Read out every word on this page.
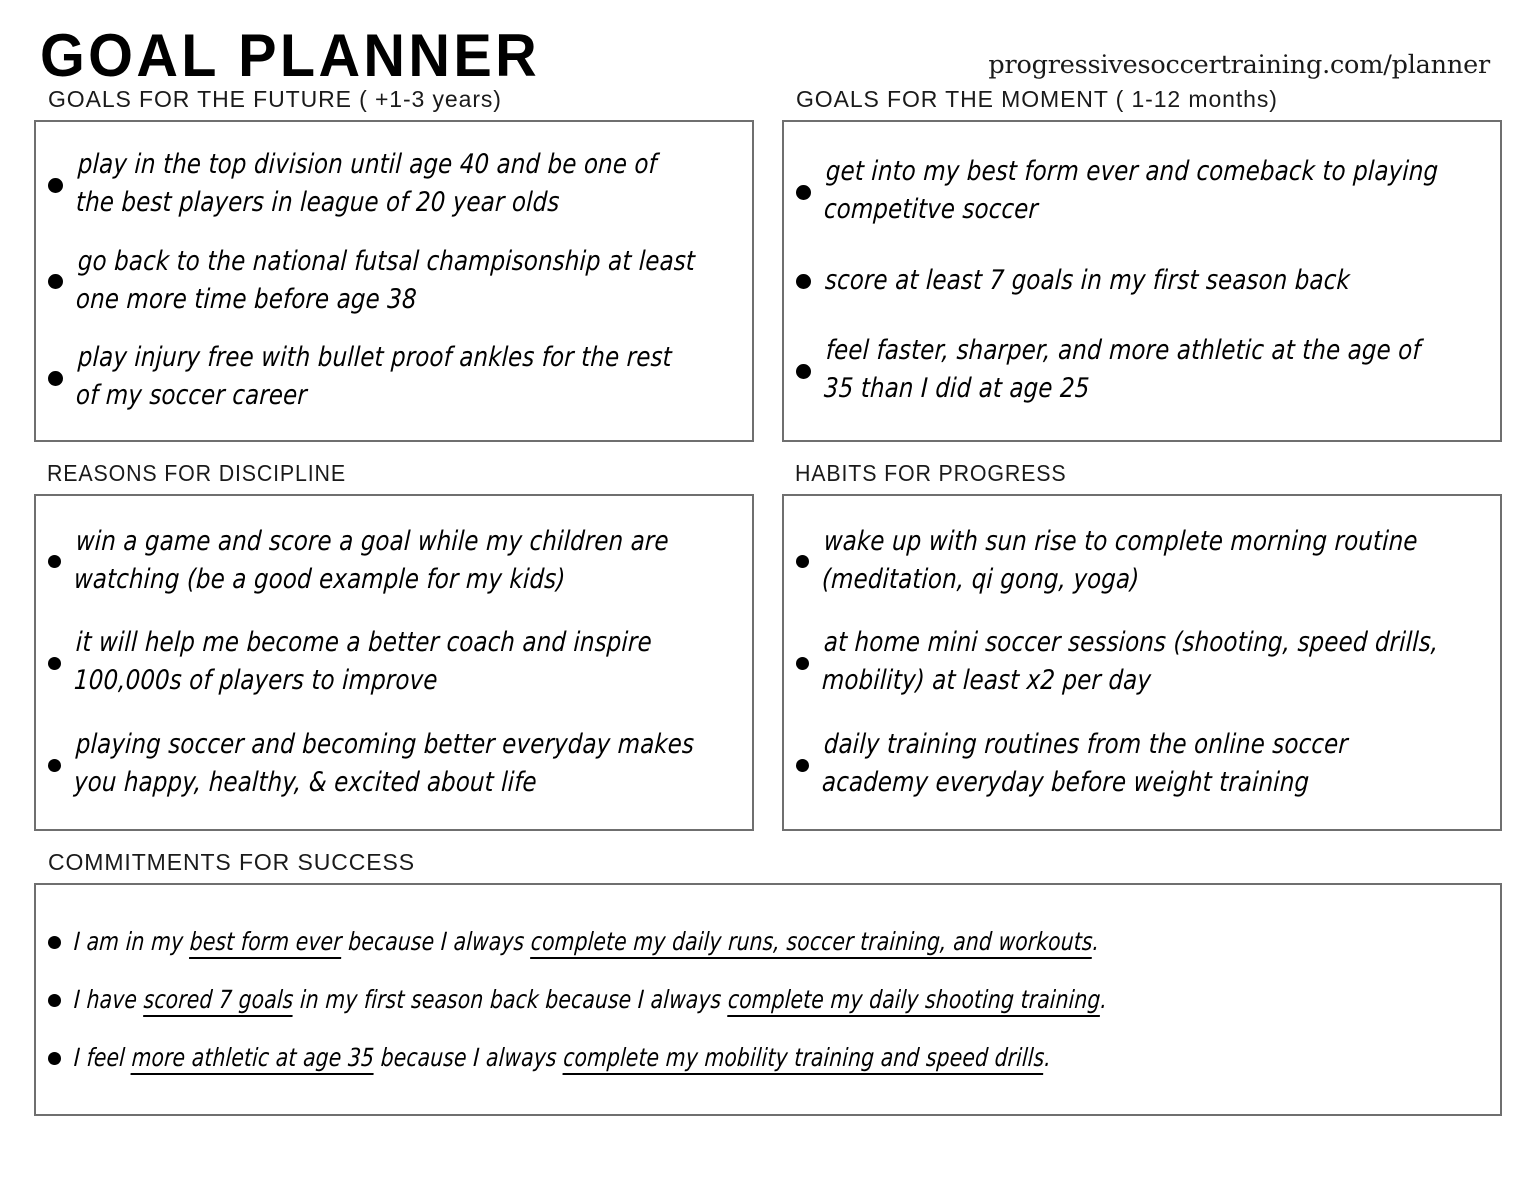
GOAL PLANNER	progressivesoccertraining.com/planner
GOALS FOR THE FUTURE ( +1-3 years)
play in the top division until age 40 and be one of the best players in league of 20 year olds
go back to the national futsal champisonship at least one more time before age 38
play injury free with bullet proof ankles for the rest of my soccer career
GOALS FOR THE MOMENT ( 1-12 months)
get into my best form ever and comeback to playing competitve soccer
score at least 7 goals in my first season back
feel faster, sharper, and more athletic at the age of 35 than I did at age 25
REASONS FOR DISCIPLINE
win a game and score a goal while my children are watching (be a good example for my kids)
it will help me become a better coach and inspire 100,000s of players to improve
playing soccer and becoming better everyday makes you happy, healthy, & excited about life
HABITS FOR PROGRESS
wake up with sun rise to complete morning routine (meditation, qi gong, yoga)
at home mini soccer sessions (shooting, speed drills, mobility) at least x2 per day
daily training routines from the online soccer academy everyday before weight training
COMMITMENTS FOR SUCCESS
I am in my best form ever because I always complete my daily runs, soccer training, and workouts.
I have scored 7 goals in my first season back because I always complete my daily shooting training.
I feel more athletic at age 35 because I always complete my mobility training and speed drills.
